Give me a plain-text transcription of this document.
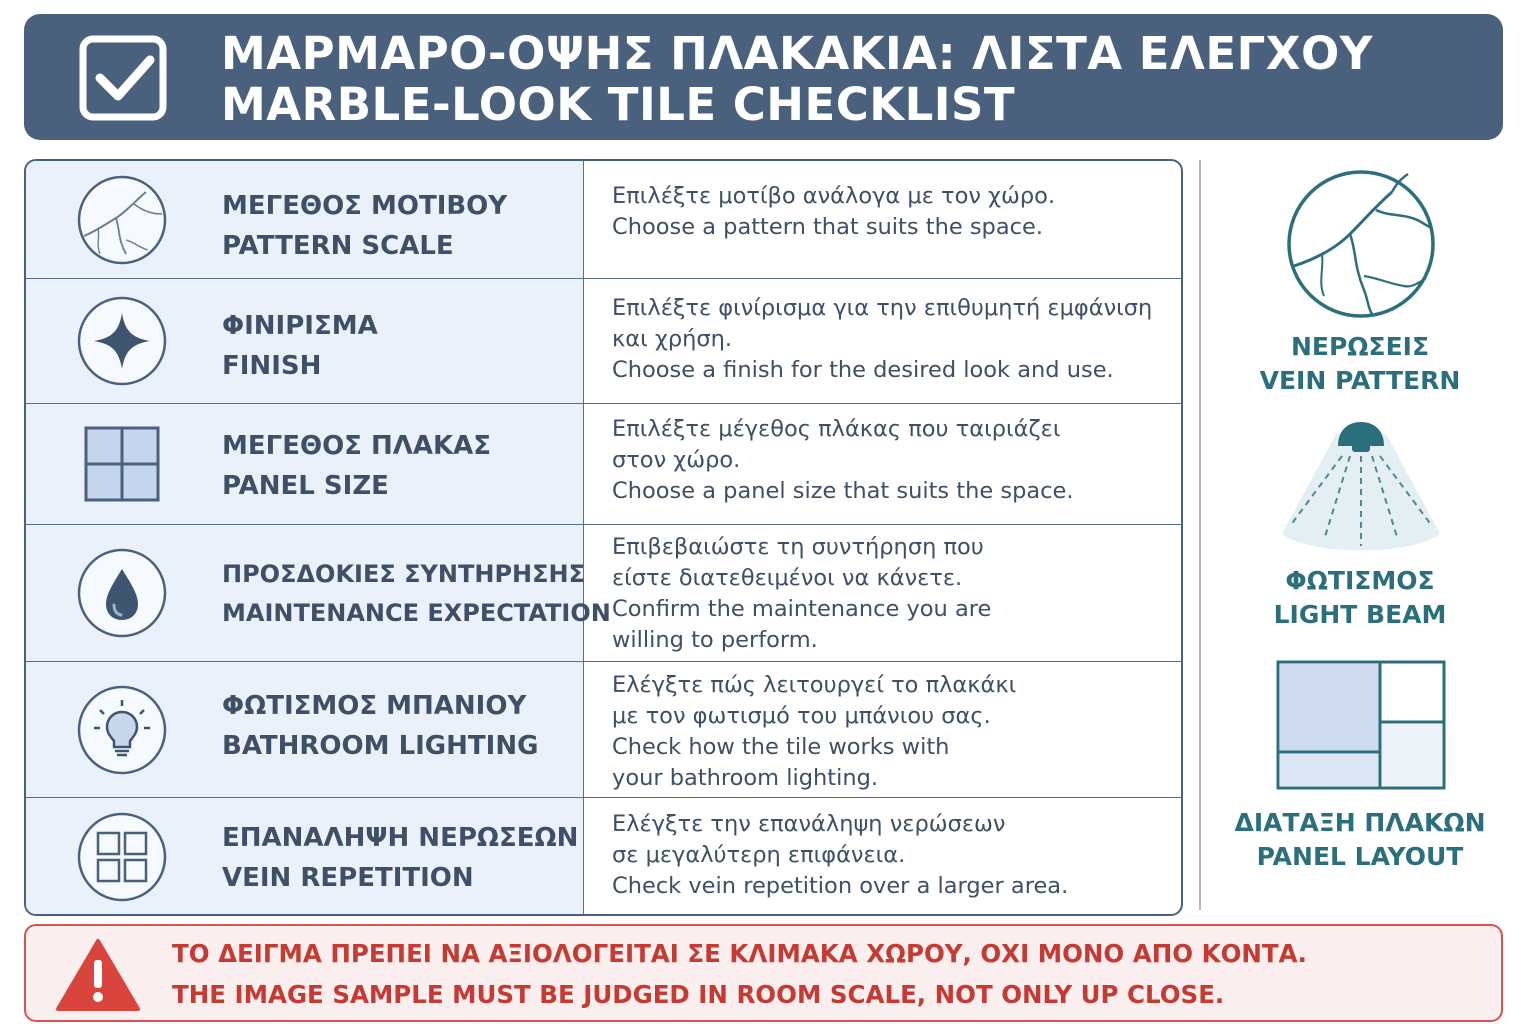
ΜΑΡΜΑΡΟ-ΟΨΗΣ ΠΛΑΚΑΚΙΑ: ΛΙΣΤΑ ΕΛΕΓΧΟΥ
MARBLE-LOOK TILE CHECKLIST
ΜΕΓΕΘΟΣ ΜΟΤΙΒΟΥ
PATTERN SCALE
Επιλέξτε μοτίβο ανάλογα με τον χώρο.
Choose a pattern that suits the space.
ΦΙΝΙΡΙΣΜΑ
FINISH
Επιλέξτε φινίρισμα για την επιθυμητή εμφάνιση
και χρήση.
Choose a finish for the desired look and use.
ΜΕΓΕΘΟΣ ΠΛΑΚΑΣ
PANEL SIZE
Επιλέξτε μέγεθος πλάκας που ταιριάζει
στον χώρο.
Choose a panel size that suits the space.
ΠΡΟΣΔΟΚΙΕΣ ΣΥΝΤΗΡΗΣΗΣ
MAINTENANCE EXPECTATION
Επιβεβαιώστε τη συντήρηση που
είστε διατεθειμένοι να κάνετε.
Confirm the maintenance you are
willing to perform.
ΦΩΤΙΣΜΟΣ ΜΠΑΝΙΟΥ
BATHROOM LIGHTING
Ελέγξτε πώς λειτουργεί το πλακάκι
με τον φωτισμό του μπάνιου σας.
Check how the tile works with
your bathroom lighting.
ΕΠΑΝΑΛΗΨΗ ΝΕΡΩΣΕΩΝ
VEIN REPETITION
Ελέγξτε την επανάληψη νερώσεων
σε μεγαλύτερη επιφάνεια.
Check vein repetition over a larger area.
ΝΕΡΩΣΕΙΣ
VEIN PATTERN
ΦΩΤΙΣΜΟΣ
LIGHT BEAM
ΔΙΑΤΑΞΗ ΠΛΑΚΩΝ
PANEL LAYOUT
ΤΟ ΔΕΙΓΜΑ ΠΡΕΠΕΙ ΝΑ ΑΞΙΟΛΟΓΕΙΤΑΙ ΣΕ ΚΛΙΜΑΚΑ ΧΩΡΟΥ, ΟΧΙ ΜΟΝΟ ΑΠΟ ΚΟΝΤΑ.
THE IMAGE SAMPLE MUST BE JUDGED IN ROOM SCALE, NOT ONLY UP CLOSE.
